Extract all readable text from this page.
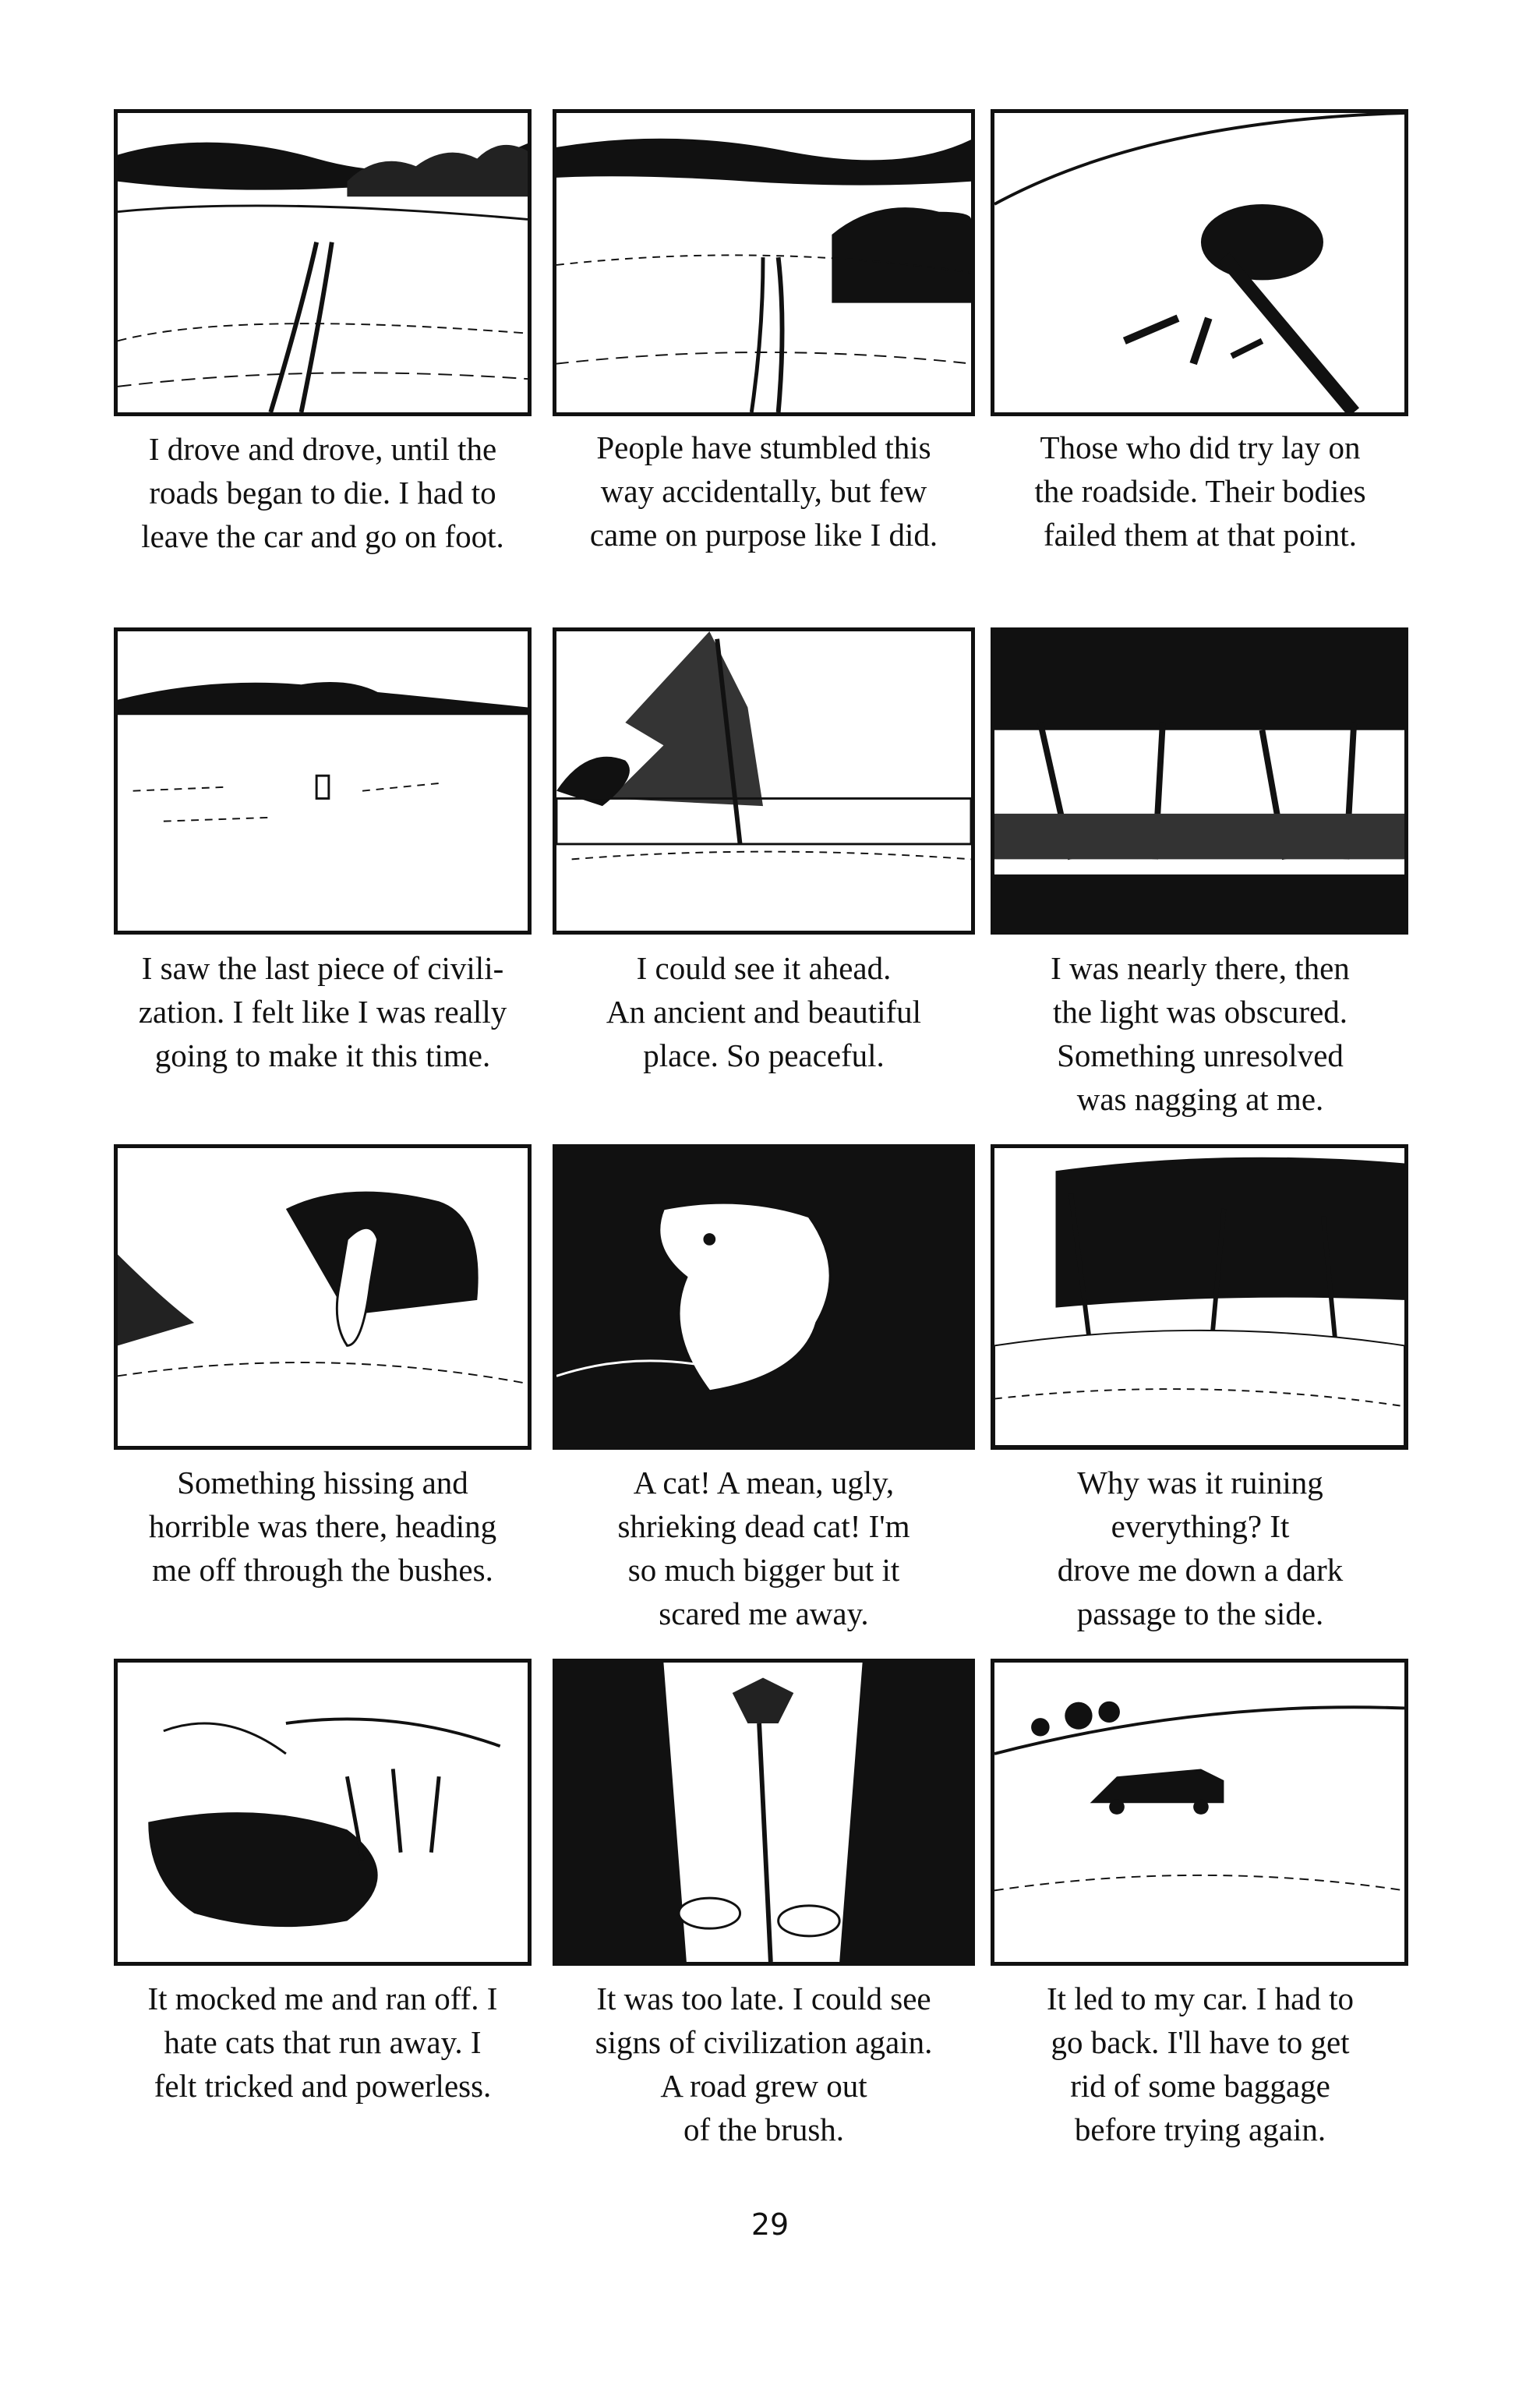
I drove and drove, until the
roads began to die. I had to
leave the car and go on foot.
People have stumbled this
way accidentally, but few
came on purpose like I did.
Those who did try lay on
the roadside. Their bodies
failed them at that point.
I saw the last piece of civili-
zation. I felt like I was really
going to make it this time.
I could see it ahead.
An ancient and beautiful
place. So peaceful.
I was nearly there, then
the light was obscured.
Something unresolved
was nagging at me.
Something hissing and
horrible was there, heading
me off through the bushes.
A cat! A mean, ugly,
shrieking dead cat! I'm
so much bigger but it
scared me away.
Why was it ruining
everything? It
drove me down a dark
passage to the side.
It mocked me and ran off. I
hate cats that run away. I
felt tricked and powerless.
It was too late. I could see
signs of civilization again.
A road grew out
of the brush.
It led to my car. I had to
go back. I'll have to get
rid of some baggage
before trying again.
29
